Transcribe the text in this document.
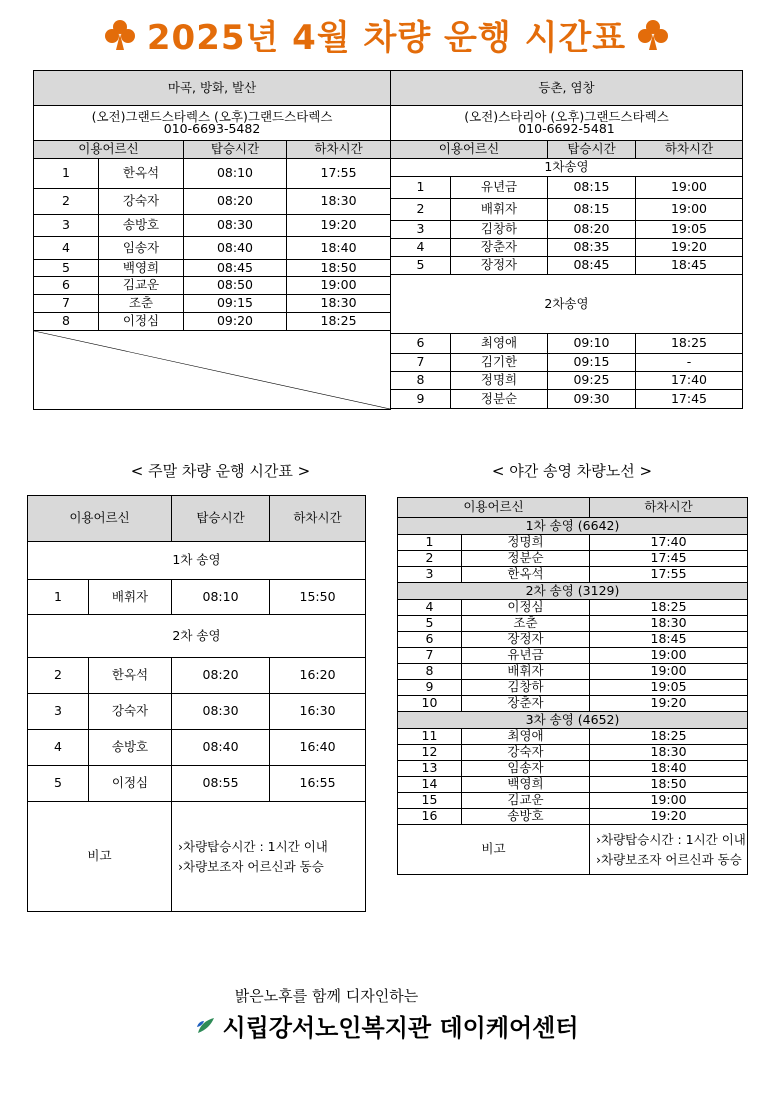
2025년 4월 차량 운행 시간표
마곡, 방화, 발산			

(오전)그랜드스타렉스 (오후)그랜드스타렉스
010-6693-5482			

이용어르신		탑승시간	하차시간
1	한옥석	08:10	17:55
2	강숙자	08:20	18:30
3	송방호	08:30	19:20
4	임송자	08:40	18:40
5	백영희	08:45	18:50
6	김교운	08:50	19:00
7	조춘	09:15	18:30
8	이정심	09:20	18:25

등촌, 염창			

(오전)스타리아 (오후)그랜드스타렉스
010-6692-5481			

이용어르신		탑승시간	하차시간
1차송영			
1	유년금	08:15	19:00
2	배휘자	08:15	19:00
3	김창하	08:20	19:05
4	장춘자	08:35	19:20
5	장정자	08:45	18:45
2차송영			
6	최영애	09:10	18:25
7	김기한	09:15	-
8	정명희	09:25	17:40
9	정분순	09:30	17:45
< 주말 차량 운행 시간표 >	< 야간 송영 차량노선 >
이용어르신		탑승시간	하차시간
1차 송영			
1	배휘자	08:10	15:50
2차 송영			
2	한옥석	08:20	16:20
3	강숙자	08:30	16:30
4	송방호	08:40	16:40
5	이정심	08:55	16:55
비고		›차량탑승시간 : 1시간 이내
›차량보조자 어르신과 동승	
이용어르신		하차시간
1차 송영 (6642)		
1	정명희	17:40
2	정분순	17:45
3	한옥석	17:55
2차 송영 (3129)		
4	이정심	18:25
5	조춘	18:30
6	장정자	18:45
7	유년금	19:00
8	배휘자	19:00
9	김창하	19:05
10	장춘자	19:20
3차 송영 (4652)		
11	최영애	18:25
12	강숙자	18:30
13	임송자	18:40
14	백영희	18:50
15	김교운	19:00
16	송방호	19:20
비고		›차량탑승시간 : 1시간 이내
›차량보조자 어르신과 동승
밝은노후를 함께 디자인하는
시립강서노인복지관 데이케어센터
